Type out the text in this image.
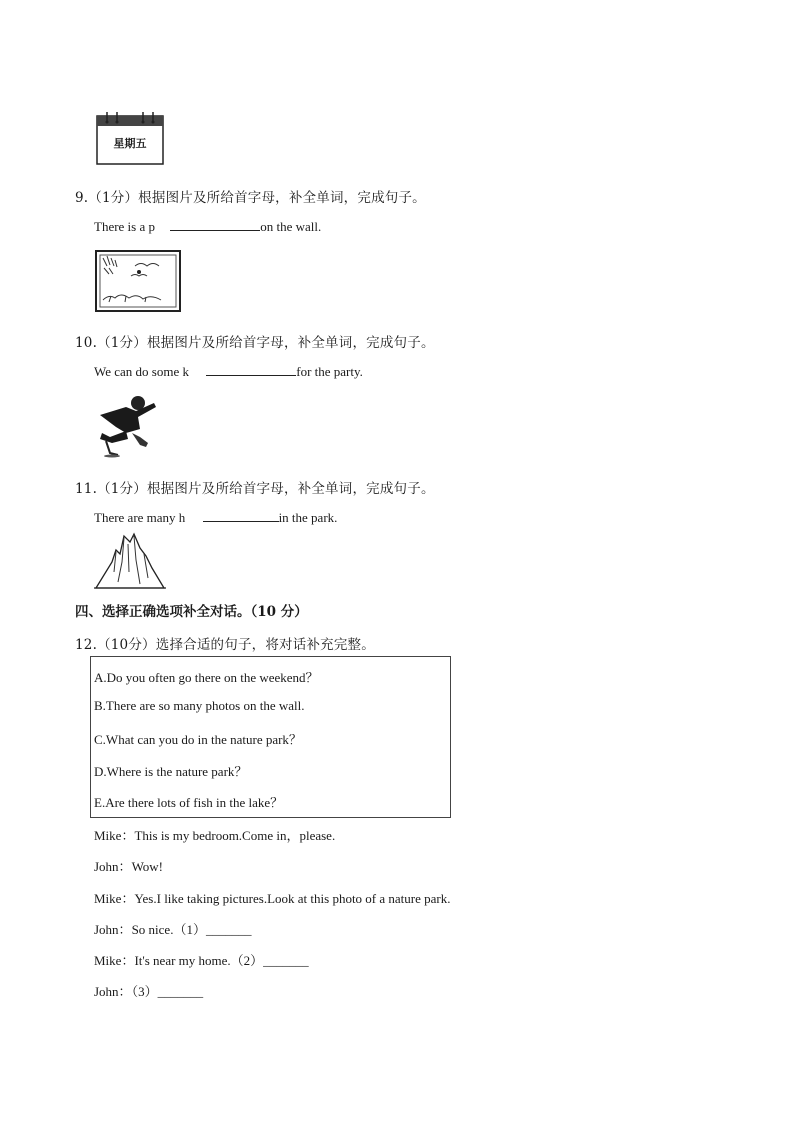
星期五
9.（1分）根据图片及所给首字母，补全单词，完成句子。
There is a p	on the wall.
10.（1分）根据图片及所给首字母，补全单词，完成句子。
We can do some k	for the party.
11.（1分）根据图片及所给首字母，补全单词，完成句子。
There are many h	in the park.
四、选择正确选项补全对话。（10 分）
12.（10分）选择合适的句子，将对话补充完整。
A.Do you often go there on the weekend？
B.There are so many photos on the wall.
C.What can you do in the nature park？
D.Where is the nature park？
E.Are there lots of fish in the lake？
Mike：This is my bedroom.Come in，please.
John：Wow!
Mike：Yes.I like taking pictures.Look at this photo of a nature park.
John：So nice.（1）_______
Mike：It's near my home.（2）_______
John：（3）_______
